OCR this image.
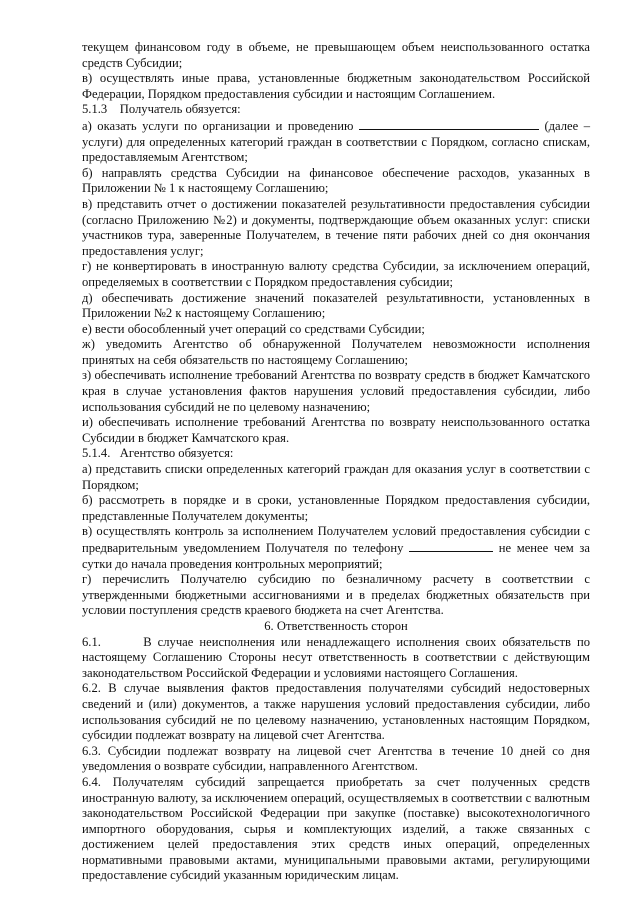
текущем финансовом году в объеме, не превышающем объем неиспользованного остатка средств Субсидии;

в) осуществлять иные права, установленные бюджетным законодательством Российской Федерации, Порядком предоставления субсидии и настоящим Соглашением.

5.1.3 Получатель обязуется:

а) оказать услуги по организации и проведению	(далее – услуги) для определенных категорий граждан в соответствии с Порядком, согласно спискам, предоставляемым Агентством;

б) направлять средства Субсидии на финансовое обеспечение расходов, указанных в Приложении № 1 к настоящему Соглашению;

в) представить отчет о достижении показателей результативности предоставления субсидии (согласно Приложению №2) и документы, подтверждающие объем оказанных услуг: списки участников тура, заверенные Получателем, в течение пяти рабочих дней со дня окончания предоставления услуг;

г) не конвертировать в иностранную валюту средства Субсидии, за исключением операций, определяемых в соответствии с Порядком предоставления субсидии;

д) обеспечивать достижение значений показателей результативности, установленных в Приложении №2 к настоящему Соглашению;

е) вести обособленный учет операций со средствами Субсидии;

ж) уведомить Агентство об обнаруженной Получателем невозможности исполнения принятых на себя обязательств по настоящему Соглашению;

з) обеспечивать исполнение требований Агентства по возврату средств в бюджет Камчатского края в случае установления фактов нарушения условий предоставления субсидии, либо использования субсидий не по целевому назначению;

и) обеспечивать исполнение требований Агентства по возврату неиспользованного остатка Субсидии в бюджет Камчатского края.

5.1.4. Агентство обязуется:

а) представить списки определенных категорий граждан для оказания услуг в соответствии с Порядком;

б) рассмотреть в порядке и в сроки, установленные Порядком предоставления субсидии, представленные Получателем документы;

в) осуществлять контроль за исполнением Получателем условий предоставления субсидии с предварительным уведомлением Получателя по телефону	не менее чем за сутки до начала проведения контрольных мероприятий;

г) перечислить Получателю субсидию по безналичному расчету в соответствии с утвержденными бюджетными ассигнованиями и в пределах бюджетных обязательств при условии поступления средств краевого бюджета на счет Агентства.

6. Ответственность сторон

6.1.	В случае неисполнения или ненадлежащего исполнения своих обязательств по настоящему Соглашению Стороны несут ответственность в соответствии с действующим законодательством Российской Федерации и условиями настоящего Соглашения.

6.2. В случае выявления фактов предоставления получателями субсидий недостоверных сведений и (или) документов, а также нарушения условий предоставления субсидии, либо использования субсидий не по целевому назначению, установленных настоящим Порядком, субсидии подлежат возврату на лицевой счет Агентства.

6.3. Субсидии подлежат возврату на лицевой счет Агентства в течение 10 дней со дня уведомления о возврате субсидии, направленного Агентством.

6.4. Получателям субсидий запрещается приобретать за счет полученных средств иностранную валюту, за исключением операций, осуществляемых в соответствии с валютным законодательством Российской Федерации при закупке (поставке) высокотехнологичного импортного оборудования, сырья и комплектующих изделий, а также связанных с достижением целей предоставления этих средств иных операций, определенных нормативными правовыми актами, муниципальными правовыми актами, регулирующими предоставление субсидий указанным юридическим лицам.
